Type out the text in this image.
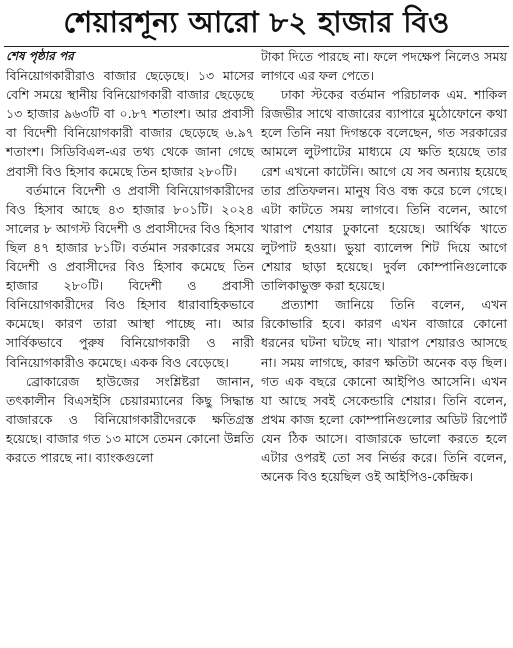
শেয়ারশূন্য আরো ৮২ হাজার বিও
শেষ পৃষ্ঠার পর

বিনিয়োগকারীরাও বাজার ছেড়েছে। ১৩ মাসের বেশি সময়ে স্থানীয় বিনিয়োগকারী বাজার ছেড়েছে ১৩ হাজার ৯৬৩টি বা ০.৮৭ শতাংশ। আর প্রবাসী বা বিদেশী বিনিয়োগকারী বাজার ছেড়েছে ৬.৯৭ শতাংশ। সিডিবিএল-এর তথ্য থেকে জানা গেছে প্রবাসী বিও হিসাব কমেছে তিন হাজার ২৮০টি।

বর্তমানে বিদেশী ও প্রবাসী বিনিয়োগকারীদের বিও হিসাব আছে ৪৩ হাজার ৮০১টি। ২০২৪ সালের ৮ আগস্ট বিদেশী ও প্রবাসীদের বিও হিসাব ছিল ৪৭ হাজার ৮১টি। বর্তমান সরকারের সময়ে বিদেশী ও প্রবাসীদের বিও হিসাব কমেছে তিন হাজার ২৮০টি। বিদেশী ও প্রবাসী বিনিয়োগকারীদের বিও হিসাব ধারাবাহিকভাবে কমেছে। কারণ তারা আস্থা পাচ্ছে না। আর সার্বিকভাবে পুরুষ বিনিয়োগকারী ও নারী বিনিয়োগকারীও কমেছে। একক বিও বেড়েছে।

ব্রোকারেজ হাউজের সংশ্লিষ্টরা জানান, তৎকালীন বিএসইসি চেয়ারম্যানের কিছু সিদ্ধান্ত বাজারকে ও বিনিয়োগকারীদেরকে ক্ষতিগ্রস্ত হয়েছে। বাজার গত ১৩ মাসে তেমন কোনো উন্নতি করতে পারছে না। ব্যাংকগুলো

টাকা দিতে পারছে না। ফলে পদক্ষেপ নিলেও সময় লাগবে এর ফল পেতে।

ঢাকা স্টকের বর্তমান পরিচালক এম. শাকিল রিজভীর সাথে বাজারের ব্যাপারে মুঠোফোনে কথা হলে তিনি নয়া দিগন্তকে বলেছেন, গত সরকারের আমলে লুটপাটের মাধ্যমে যে ক্ষতি হয়েছে তার রেশ এখনো কাটেনি। আগে যে সব অন্যায় হয়েছে তার প্রতিফলন। মানুষ বিও বন্ধ করে চলে গেছে। এটা কাটতে সময় লাগবে। তিনি বলেন, আগে খারাপ শেয়ার ঢুকানো হয়েছে। আর্থিক খাতে লুটপাট হওয়া। ভুয়া ব্যালেন্স শিট দিয়ে আগে শেয়ার ছাড়া হয়েছে। দুর্বল কোম্পানিগুলোকে তালিকাভুক্ত করা হয়েছে।

প্রত্যাশা জানিয়ে তিনি বলেন, এখন রিকোভারি হবে। কারণ এখন বাজারে কোনো ধরনের ঘটনা ঘটছে না। খারাপ শেয়ারও আসছে না। সময় লাগছে, কারণ ক্ষতিটা অনেক বড় ছিল। গত এক বছরে কোনো আইপিও আসেনি। এখন যা আছে সবই সেকেন্ডারি শেয়ার। তিনি বলেন, প্রথম কাজ হলো কোম্পানিগুলোর অডিট রিপোর্ট যেন ঠিক আসে। বাজারকে ভালো করতে হলে এটার ওপরই তো সব নির্ভর করে। তিনি বলেন, অনেক বিও হয়েছিল ওই আইপিও-কেন্দ্রিক।
